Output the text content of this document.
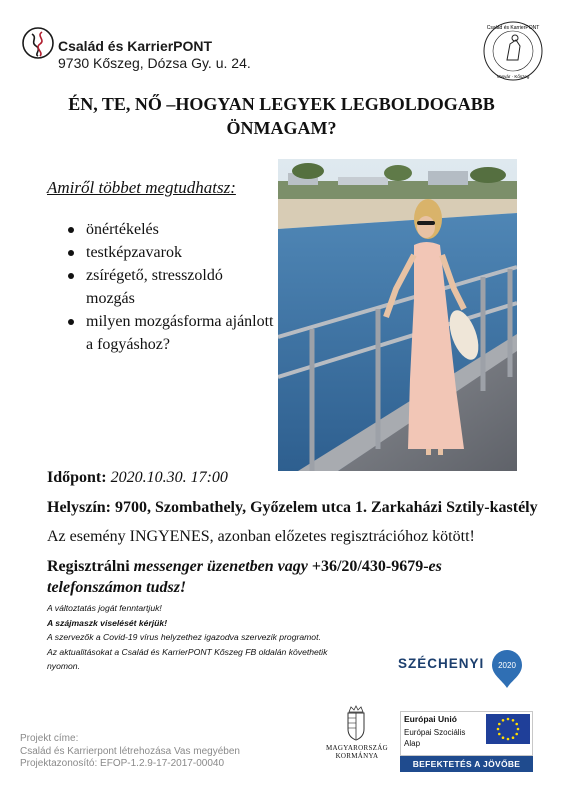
Család és KarrierPONT
9730 Kőszeg, Dózsa Gy. u. 24.
Család és KarrierPONT
Vasvár · Kőszeg
ÉN, TE, NŐ –HOGYAN LEGYEK LEGBOLDOGABB ÖNMAGAM?
Amiről többet megtudhatsz:
önértékelés
testképzavarok
zsírégető, stresszoldó mozgás
milyen mozgásforma ajánlott a fogyáshoz?
Időpont: 2020.10.30. 17:00
Helyszín: 9700, Szombathely, Győzelem utca 1. Zarkaházi Sztily-kastély
Az esemény INGYENES, azonban előzetes regisztrációhoz kötött!
Regisztrálni messenger üzenetben vagy +36/20/430-9679-es telefonszámon tudsz!
A változtatás jogát fenntartjuk!
A szájmaszk viselését kérjük!
A szervezők a Covid-19 vírus helyzethez igazodva szervezik programot.
Az aktualitásokat a Család és KarrierPONT Kőszeg FB oldalán követhetik nyomon.
Projekt címe:
Család és Karrierpont létrehozása Vas megyében
Projektazonosító: EFOP-1.2.9-17-2017-00040
SZÉCHENYI 2020
MAGYARORSZÁG
KORMÁNYA
Európai Unió
Európai Szociális
Alap
BEFEKTETÉS A JÖVŐBE
